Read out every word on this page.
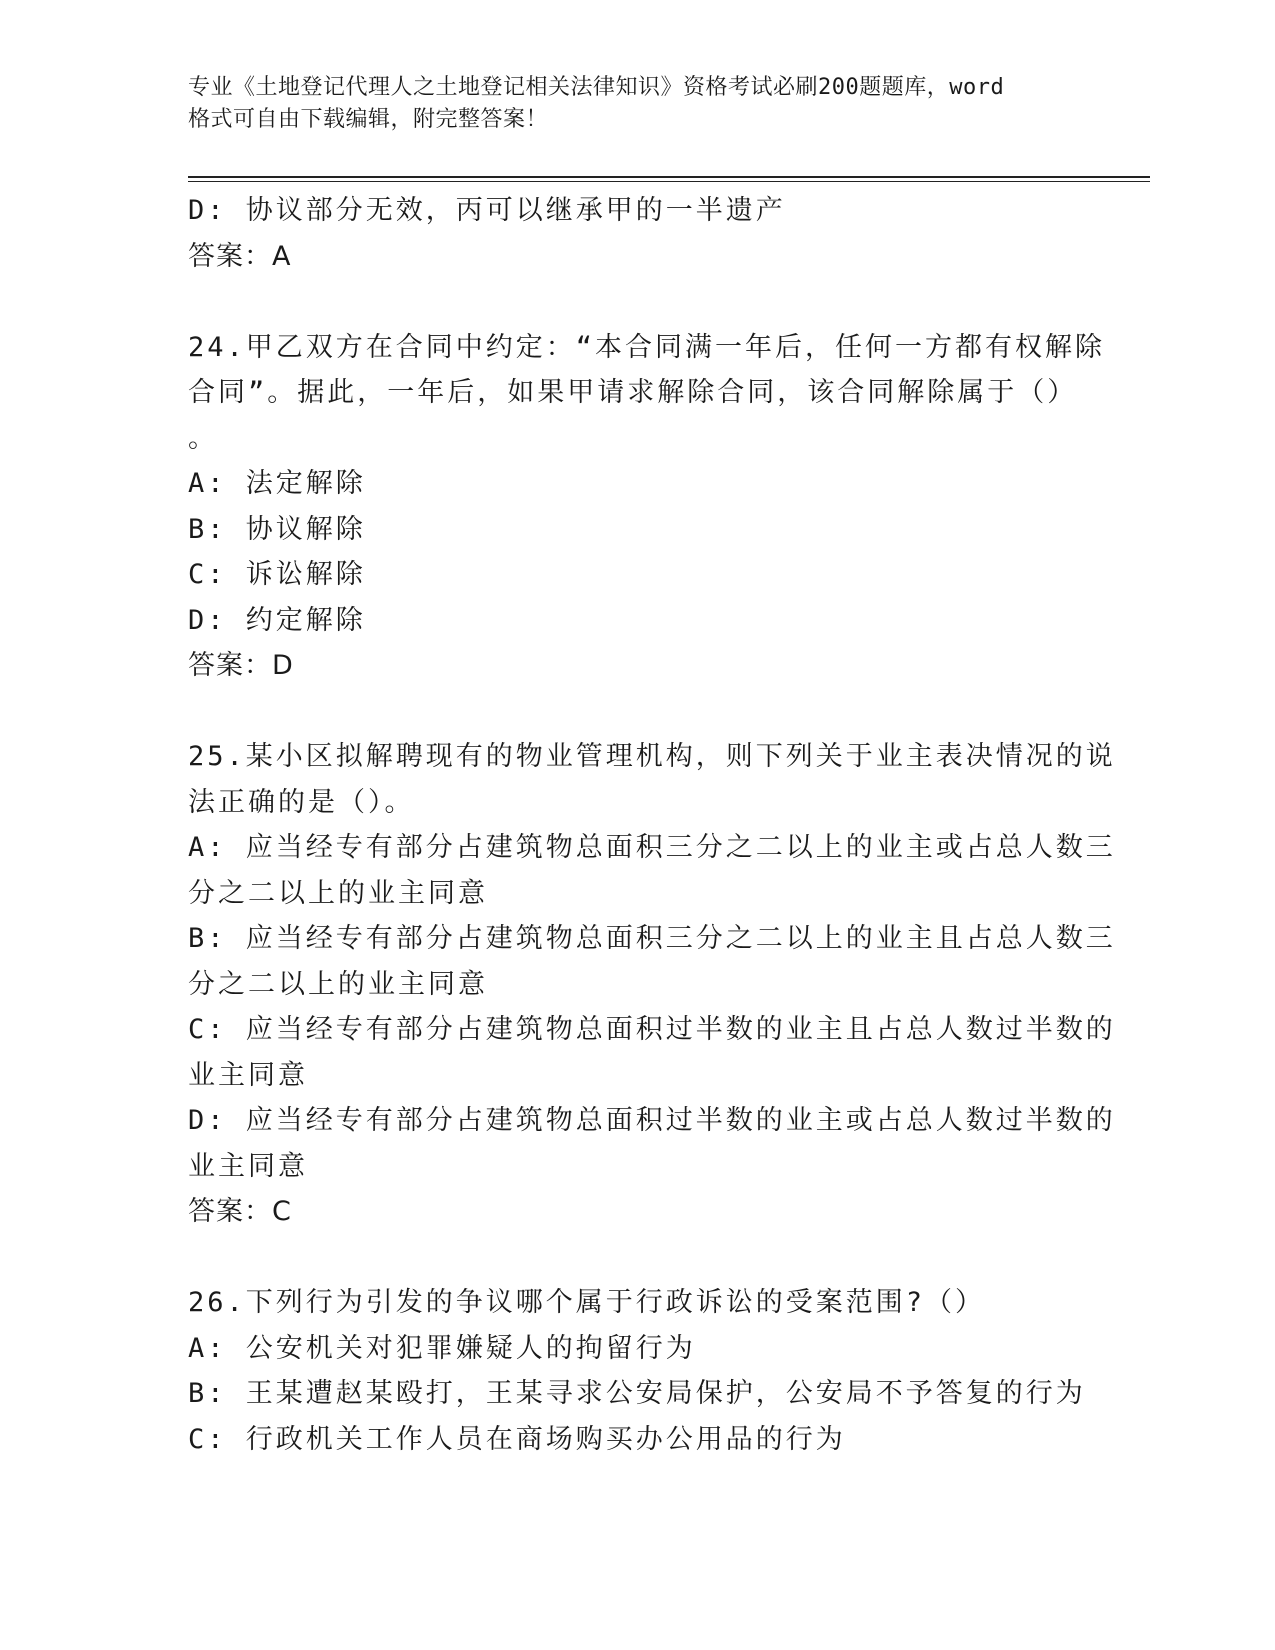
专业《土地登记代理人之土地登记相关法律知识》资格考试必刷200题题库，word
格式可自由下载编辑，附完整答案！
D: 协议部分无效，丙可以继承甲的一半遗产
答案：A
24.甲乙双方在合同中约定：“本合同满一年后，任何一方都有权解除
合同”。据此，一年后，如果甲请求解除合同，该合同解除属于（）
。
A: 法定解除
B: 协议解除
C: 诉讼解除
D: 约定解除
答案：D
25.某小区拟解聘现有的物业管理机构，则下列关于业主表决情况的说
法正确的是（）。
A: 应当经专有部分占建筑物总面积三分之二以上的业主或占总人数三
分之二以上的业主同意
B: 应当经专有部分占建筑物总面积三分之二以上的业主且占总人数三
分之二以上的业主同意
C: 应当经专有部分占建筑物总面积过半数的业主且占总人数过半数的
业主同意
D: 应当经专有部分占建筑物总面积过半数的业主或占总人数过半数的
业主同意
答案：C
26.下列行为引发的争议哪个属于行政诉讼的受案范围?（）
A: 公安机关对犯罪嫌疑人的拘留行为
B: 王某遭赵某殴打，王某寻求公安局保护，公安局不予答复的行为
C: 行政机关工作人员在商场购买办公用品的行为
